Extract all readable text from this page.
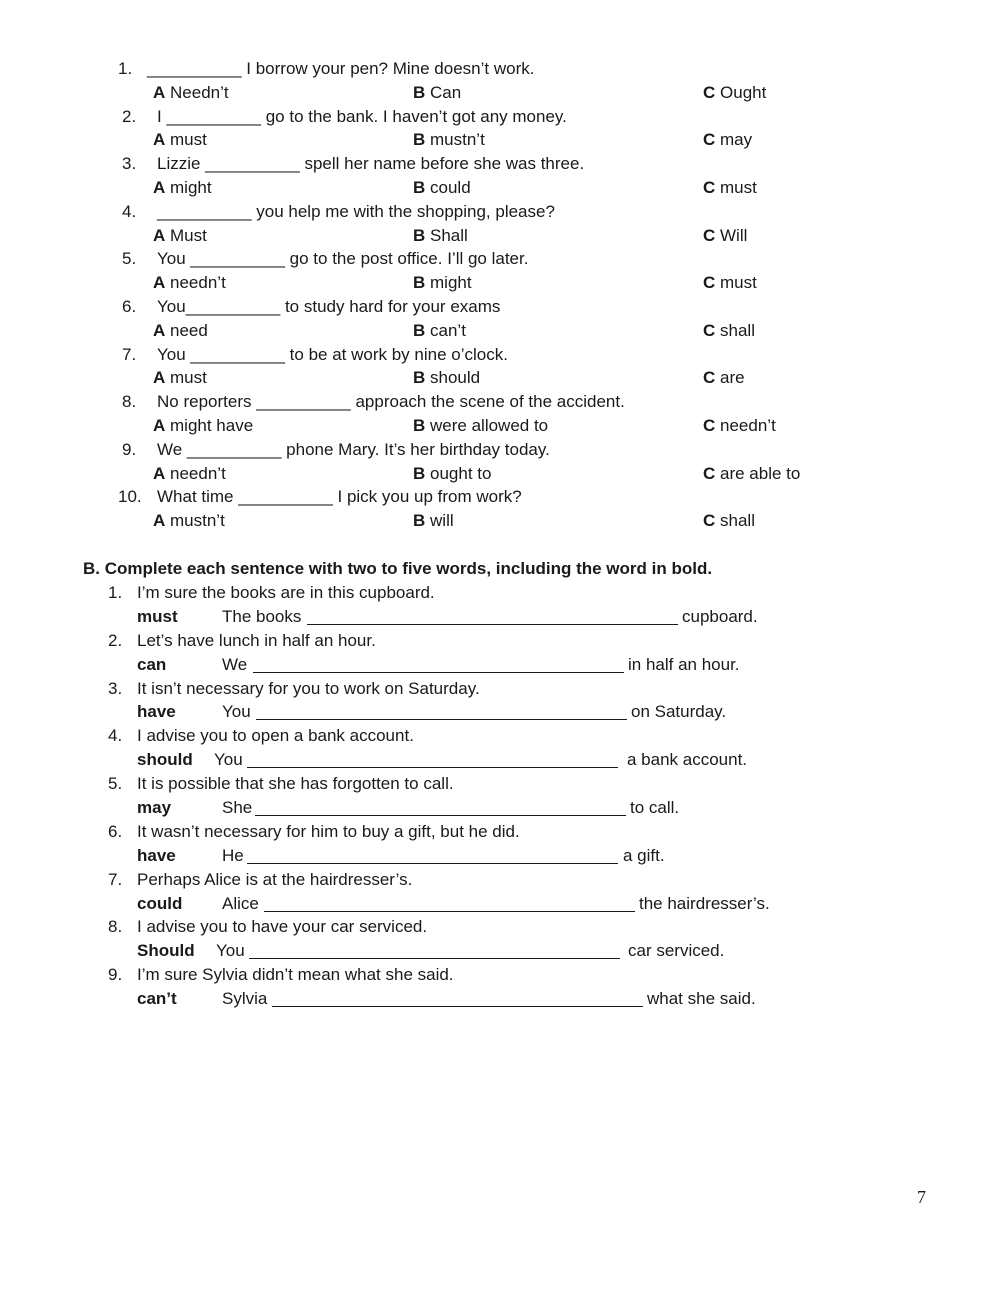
1. __________ I borrow your pen? Mine doesn’t work.
A Needn’t	B Can	C Ought
2. I __________ go to the bank. I haven’t got any money.
A must	B mustn’t	C may
3. Lizzie __________ spell her name before she was three.
A might	B could	C must
4. __________ you help me with the shopping, please?
A Must	B Shall	C Will
5. You __________ go to the post office. I’ll go later.
A needn’t	B might	C must
6. You__________ to study hard for your exams
A need	B can’t	C shall
7. You __________ to be at work by nine o’clock.
A must	B should	C are
8. No reporters __________ approach the scene of the accident.
A might have	B were allowed to	C needn’t
9. We __________ phone Mary. It’s her birthday today.
A needn’t	B ought to	C are able to
10. What time __________ I pick you up from work?
A mustn’t	B will	C shall
B. Complete each sentence with two to five words, including the word in bold.
1. I’m sure the books are in this cupboard.
must	The books	cupboard.
2. Let’s have lunch in half an hour.
can	We	in half an hour.
3. It isn’t necessary for you to work on Saturday.
have	You	on Saturday.
4. I advise you to open a bank account.
should You	a bank account.
5. It is possible that she has forgotten to call.
may	She	to call.
6. It wasn’t necessary for him to buy a gift, but he did.
have	He	a gift.
7. Perhaps Alice is at the hairdresser’s.
could Alice	the hairdresser’s.
8. I advise you to have your car serviced.
Should You	car serviced.
9. I’m sure Sylvia didn’t mean what she said.
can’t	Sylvia	what she said.
7
